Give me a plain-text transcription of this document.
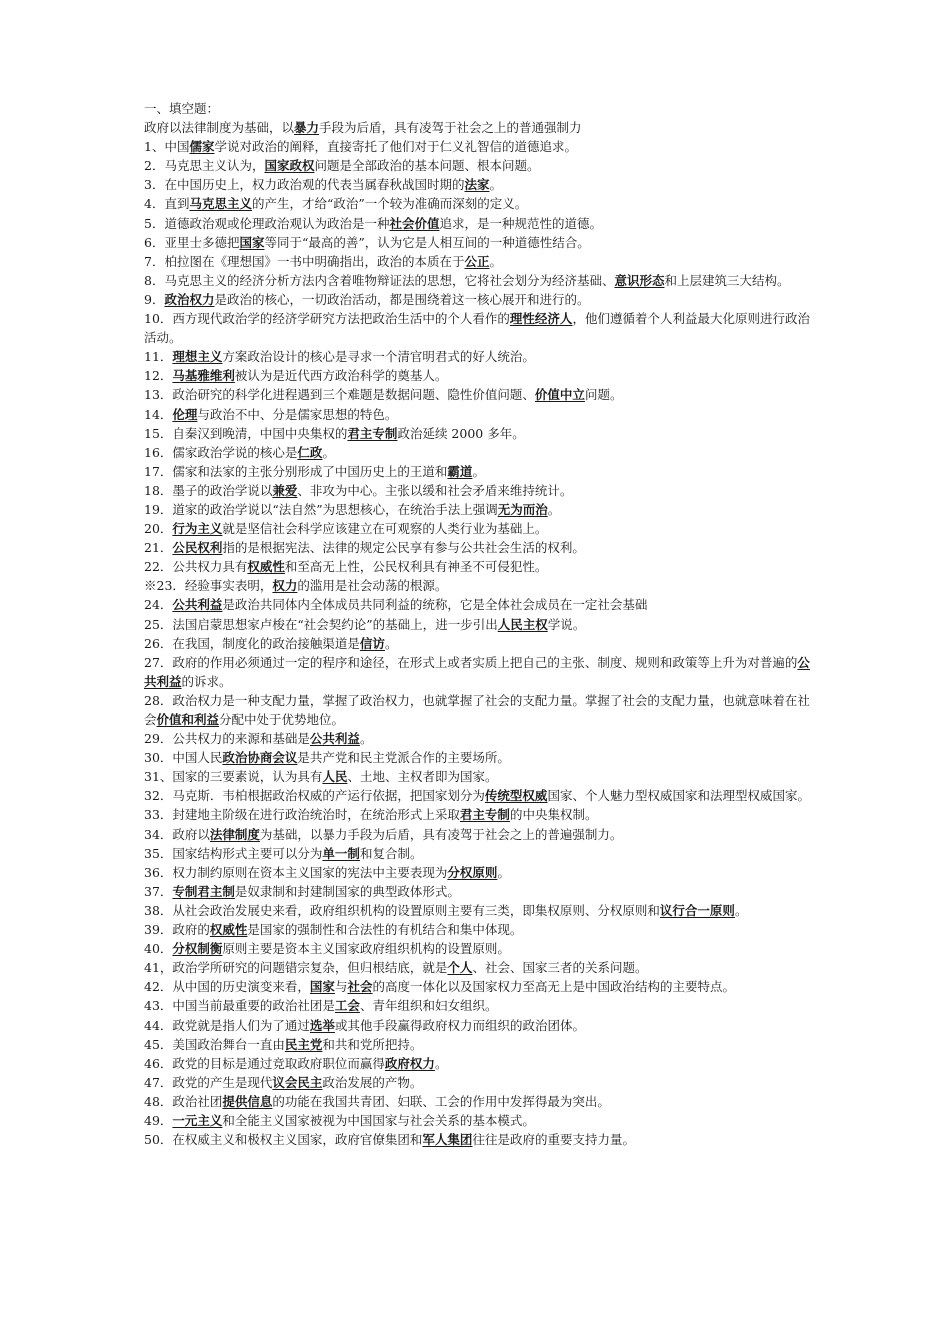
一、填空题：
政府以法律制度为基础，以暴力手段为后盾，具有凌驾于社会之上的普通强制力
1、中国儒家学说对政治的阐释，直接寄托了他们对于仁义礼智信的道德追求。
2．马克思主义认为，国家政权问题是全部政治的基本问题、根本问题。
3．在中国历史上，权力政治观的代表当属春秋战国时期的法家。
4．直到马克思主义的产生，才给“政治”一个较为准确而深刻的定义。
5．道德政治观或伦理政治观认为政治是一种社会价值追求，是一种规范性的道德。
6．亚里士多德把国家等同于“最高的善”，认为它是人相互间的一种道德性结合。
7．柏拉图在《理想国》一书中明确指出，政治的本质在于公正。
8．马克思主义的经济分析方法内含着唯物辩证法的思想，它将社会划分为经济基础、意识形态和上层建筑三大结构。
9．政治权力是政治的核心，一切政治活动，都是围绕着这一核心展开和进行的。
10．西方现代政治学的经济学研究方法把政治生活中的个人看作的理性经济人，他们遵循着个人利益最大化原则进行政治活动。
11．理想主义方案政治设计的核心是寻求一个清官明君式的好人统治。
12．马基雅维利被认为是近代西方政治科学的奠基人。
13．政治研究的科学化进程遇到三个难题是数据问题、隐性价值问题、价值中立问题。
14．伦理与政治不中、分是儒家思想的特色。
15．自秦汉到晚清，中国中央集权的君主专制政治延续 2000 多年。
16．儒家政治学说的核心是仁政。
17．儒家和法家的主张分别形成了中国历史上的王道和霸道。
18．墨子的政治学说以兼爱、非攻为中心。主张以缓和社会矛盾来维持统计。
19．道家的政治学说以“法自然”为思想核心，在统治手法上强调无为而治。
20．行为主义就是坚信社会科学应该建立在可观察的人类行业为基础上。
21．公民权利指的是根据宪法、法律的规定公民享有参与公共社会生活的权利。
22．公共权力具有权威性和至高无上性，公民权利具有神圣不可侵犯性。
※23．经验事实表明，权力的滥用是社会动荡的根源。
24．公共利益是政治共同体内全体成员共同利益的统称，它是全体社会成员在一定社会基础
25．法国启蒙思想家卢梭在“社会契约论”的基础上，进一步引出人民主权学说。
26．在我国，制度化的政治接触渠道是信访。
27．政府的作用必须通过一定的程序和途径，在形式上或者实质上把自己的主张、制度、规则和政策等上升为对普遍的公共利益的诉求。
28．政治权力是一种支配力量，掌握了政治权力，也就掌握了社会的支配力量。掌握了社会的支配力量，也就意味着在社会价值和利益分配中处于优势地位。
29．公共权力的来源和基础是公共利益。
30．中国人民政治协商会议是共产党和民主党派合作的主要场所。
31、国家的三要素说，认为具有人民、土地、主权者即为国家。
32．马克斯．韦柏根据政治权威的产运行依据，把国家划分为传统型权威国家、个人魅力型权威国家和法理型权威国家。
33．封建地主阶级在进行政治统治时，在统治形式上采取君主专制的中央集权制。
34．政府以法律制度为基础，以暴力手段为后盾，具有凌驾于社会之上的普遍强制力。
35．国家结构形式主要可以分为单一制和复合制。
36．权力制约原则在资本主义国家的宪法中主要表现为分权原则。
37．专制君主制是奴隶制和封建制国家的典型政体形式。
38．从社会政治发展史来看，政府组织机构的设置原则主要有三类，即集权原则、分权原则和议行合一原则。
39．政府的权威性是国家的强制性和合法性的有机结合和集中体现。
40．分权制衡原则主要是资本主义国家政府组织机构的设置原则。
41，政治学所研究的问题错宗复杂，但归根结底，就是个人、社会、国家三者的关系问题。
42．从中国的历史演变来看，国家与社会的高度一体化以及国家权力至高无上是中国政治结构的主要特点。
43．中国当前最重要的政治社团是工会、青年组织和妇女组织。
44．政党就是指人们为了通过选举或其他手段赢得政府权力而组织的政治团体。
45．美国政治舞台一直由民主党和共和党所把持。
46．政党的目标是通过竞取政府职位而赢得政府权力。
47．政党的产生是现代议会民主政治发展的产物。
48．政治社团提供信息的功能在我国共青团、妇联、工会的作用中发挥得最为突出。
49．一元主义和全能主义国家被视为中国国家与社会关系的基本模式。
50．在权威主义和极权主义国家，政府官僚集团和军人集团往往是政府的重要支持力量。
